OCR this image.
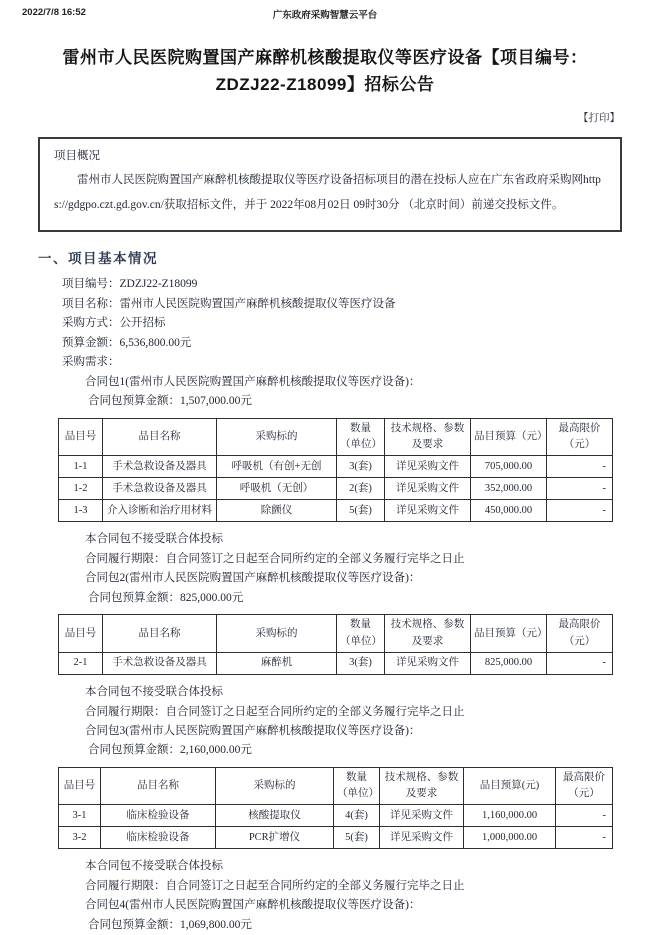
2022/7/8 16:52	广东政府采购智慧云平台
雷州市人民医院购置国产麻醉机核酸提取仪等医疗设备【项目编号：ZDZJ22-Z18099】招标公告
【打印】
项目概况

雷州市人民医院购置国产麻醉机核酸提取仪等医疗设备招标项目的潜在投标人应在广东省政府采购网https://gdgpo.czt.gd.gov.cn/获取招标文件，并于 2022年08月02日 09时30分 （北京时间）前递交投标文件。

一、项目基本情况
项目编号：ZDZJ22-Z18099
项目名称：雷州市人民医院购置国产麻醉机核酸提取仪等医疗设备
采购方式：公开招标
预算金额：6,536,800.00元
采购需求：
合同包1(雷州市人民医院购置国产麻醉机核酸提取仪等医疗设备)：
合同包预算金额：1,507,000.00元
品目号	品目名称	采购标的	数量（单位）	技术规格、参数及要求	品目预算（元）	最高限价（元）
1-1	手术急救设备及器具	呼吸机（有创+无创	3(套)	详见采购文件	705,000.00	-
1-2	手术急救设备及器具	呼吸机（无创）	2(套)	详见采购文件	352,000.00	-
1-3	介入诊断和治疗用材料	除颤仪	5(套)	详见采购文件	450,000.00	-
本合同包不接受联合体投标
合同履行期限：自合同签订之日起至合同所约定的全部义务履行完毕之日止
合同包2(雷州市人民医院购置国产麻醉机核酸提取仪等医疗设备)：
合同包预算金额：825,000.00元
品目号	品目名称	采购标的	数量（单位）	技术规格、参数及要求	品目预算（元）	最高限价（元）
2-1	手术急救设备及器具	麻醉机	3(套)	详见采购文件	825,000.00	-
本合同包不接受联合体投标
合同履行期限：自合同签订之日起至合同所约定的全部义务履行完毕之日止
合同包3(雷州市人民医院购置国产麻醉机核酸提取仪等医疗设备)：
合同包预算金额：2,160,000.00元
品目号	品目名称	采购标的	数量（单位）	技术规格、参数及要求	品目预算(元)	最高限价（元）
3-1	临床检验设备	核酸提取仪	4(套)	详见采购文件	1,160,000.00	-
3-2	临床检验设备	PCR扩增仪	5(套)	详见采购文件	1,000,000.00	-
本合同包不接受联合体投标
合同履行期限：自合同签订之日起至合同所约定的全部义务履行完毕之日止
合同包4(雷州市人民医院购置国产麻醉机核酸提取仪等医疗设备)：
合同包预算金额：1,069,800.00元
